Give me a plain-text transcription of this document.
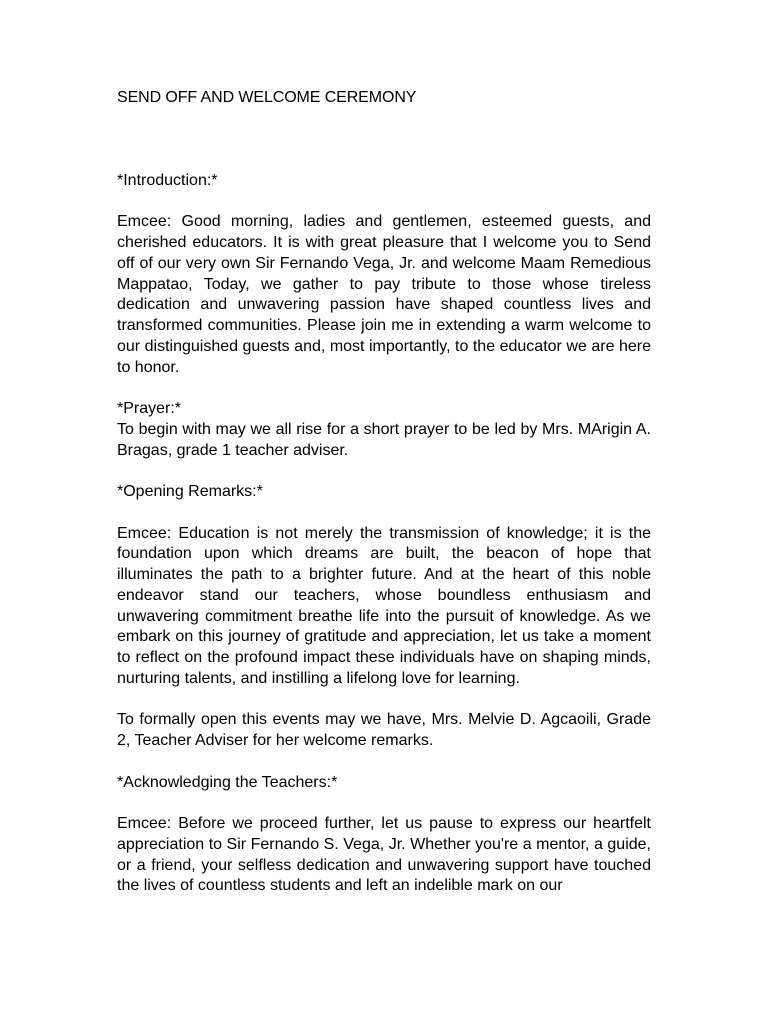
SEND OFF AND WELCOME CEREMONY

*Introduction:*

Emcee: Good morning, ladies and gentlemen, esteemed guests, and cherished educators. It is with great pleasure that I welcome you to Send off of our very own Sir Fernando Vega, Jr. and welcome Maam Remedious Mappatao, Today, we gather to pay tribute to those whose tireless dedication and unwavering passion have shaped countless lives and transformed communities. Please join me in extending a warm welcome to our distinguished guests and, most importantly, to the educator we are here to honor.

*Prayer:*

To begin with may we all rise for a short prayer to be led by Mrs. MArigin A. Bragas, grade 1 teacher adviser.

*Opening Remarks:*

Emcee: Education is not merely the transmission of knowledge; it is the foundation upon which dreams are built, the beacon of hope that illuminates the path to a brighter future. And at the heart of this noble endeavor stand our teachers, whose boundless enthusiasm and unwavering commitment breathe life into the pursuit of knowledge. As we embark on this journey of gratitude and appreciation, let us take a moment to reflect on the profound impact these individuals have on shaping minds, nurturing talents, and instilling a lifelong love for learning.

To formally open this events may we have, Mrs. Melvie D. Agcaoili, Grade 2, Teacher Adviser for her welcome remarks.

*Acknowledging the Teachers:*

Emcee: Before we proceed further, let us pause to express our heartfelt appreciation to Sir Fernando S. Vega, Jr. Whether you're a mentor, a guide, or a friend, your selfless dedication and unwavering support have touched the lives of countless students and left an indelible mark on our
